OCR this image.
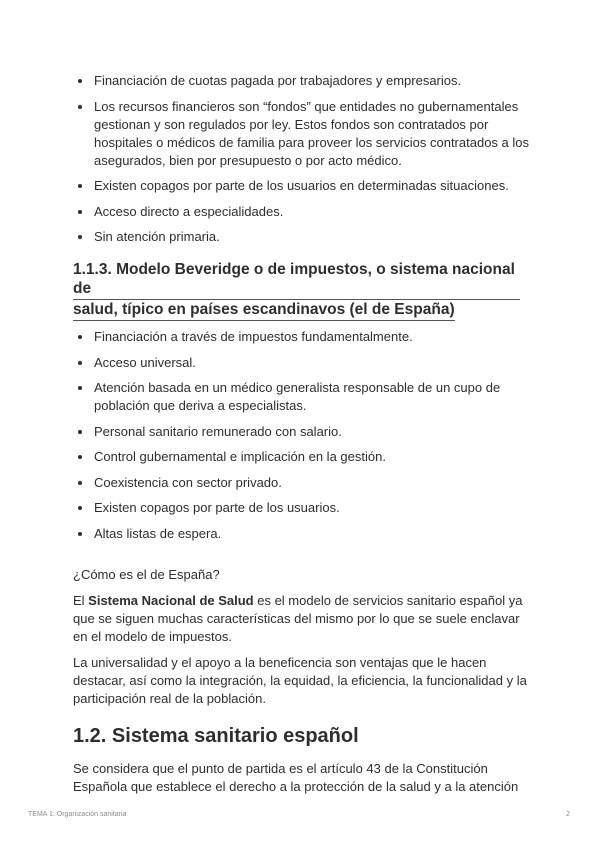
Financiación de cuotas pagada por trabajadores y empresarios.
Los recursos financieros son “fondos” que entidades no gubernamentales gestionan y son regulados por ley. Estos fondos son contratados por hospitales o médicos de familia para proveer los servicios contratados a los asegurados, bien por presupuesto o por acto médico.
Existen copagos por parte de los usuarios en determinadas situaciones.
Acceso directo a especialidades.
Sin atención primaria.
1.1.3. Modelo Beveridge o de impuestos, o sistema nacional de
salud, típico en países escandinavos (el de España)
Financiación a través de impuestos fundamentalmente.
Acceso universal.
Atención basada en un médico generalista responsable de un cupo de población que deriva a especialistas.
Personal sanitario remunerado con salario.
Control gubernamental e implicación en la gestión.
Coexistencia con sector privado.
Existen copagos por parte de los usuarios.
Altas listas de espera.

¿Cómo es el de España?

El Sistema Nacional de Salud es el modelo de servicios sanitario español ya que se siguen muchas características del mismo por lo que se suele enclavar en el modelo de impuestos.

La universalidad y el apoyo a la beneficencia son ventajas que le hacen destacar, así como la integración, la equidad, la eficiencia, la funcionalidad y la participación real de la población.

1.2. Sistema sanitario español

Se considera que el punto de partida es el artículo 43 de la Constitución Española que establece el derecho a la protección de la salud y a la atención

TEMA 1: Organización sanitaria	2
